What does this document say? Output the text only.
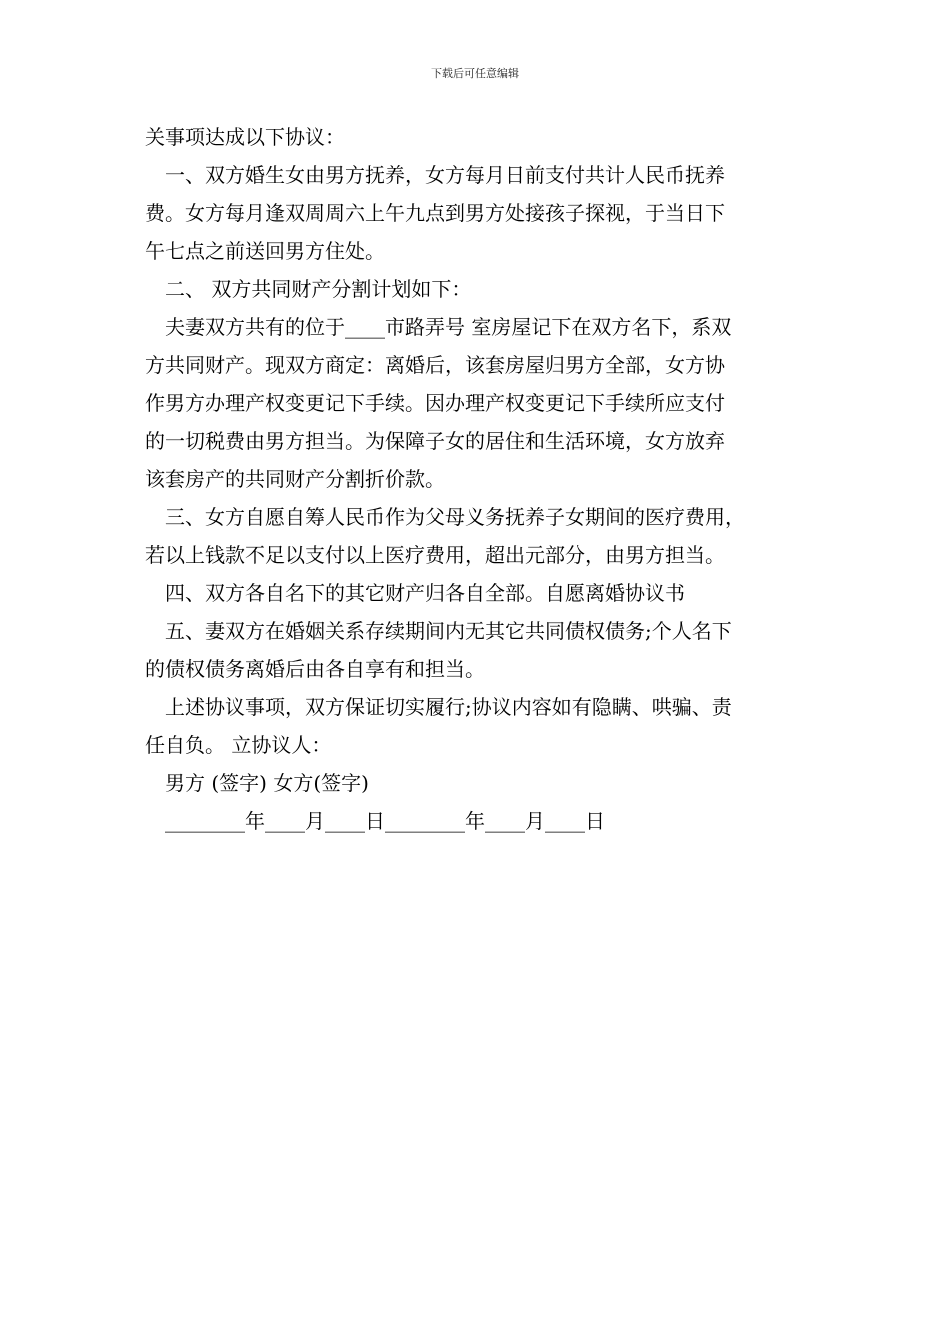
下载后可任意编辑
关事项达成以下协议：
一、双方婚生女由男方抚养，女方每月日前支付共计人民币抚养
费。女方每月逢双周周六上午九点到男方处接孩子探视，于当日下
午七点之前送回男方住处。
二、 双方共同财产分割计划如下：
夫妻双方共有的位于____市路弄号 室房屋记下在双方名下，系双
方共同财产。现双方商定：离婚后，该套房屋归男方全部，女方协
作男方办理产权变更记下手续。因办理产权变更记下手续所应支付
的一切税费由男方担当。为保障子女的居住和生活环境，女方放弃
该套房产的共同财产分割折价款。
三、女方自愿自筹人民币作为父母义务抚养子女期间的医疗费用，
若以上钱款不足以支付以上医疗费用，超出元部分，由男方担当。
四、双方各自名下的其它财产归各自全部。自愿离婚协议书
五、妻双方在婚姻关系存续期间内无其它共同债权债务;个人名下
的债权债务离婚后由各自享有和担当。
上述协议事项，双方保证切实履行;协议内容如有隐瞒、哄骗、责
任自负。 立协议人：
男方 (签字) 女方(签字)
________年____月____日________年____月____日
